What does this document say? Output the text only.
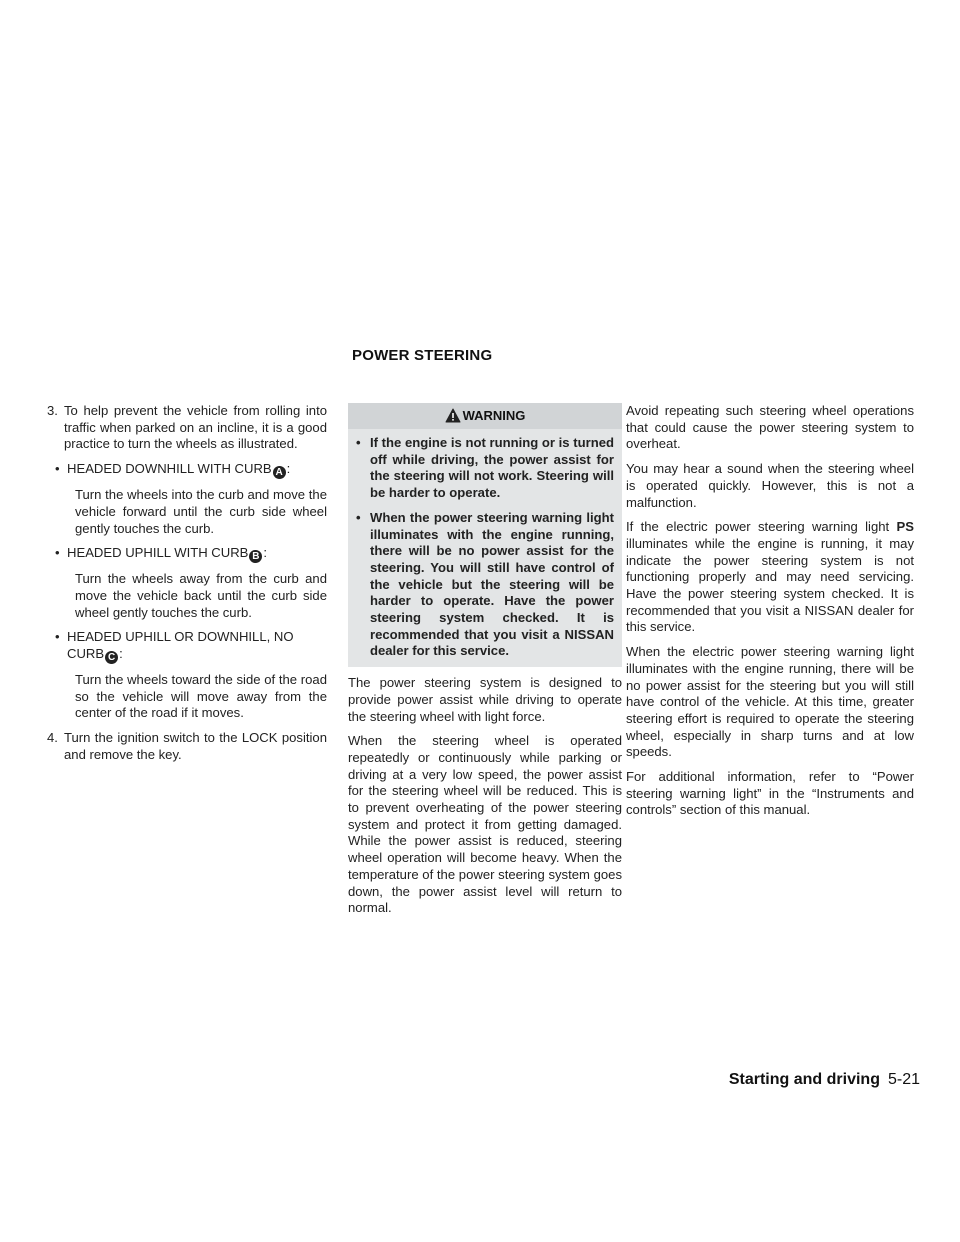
POWER STEERING
3. To help prevent the vehicle from rolling into traffic when parked on an incline, it is a good practice to turn the wheels as illustrated.
• HEADED DOWNHILL WITH CURB A :
Turn the wheels into the curb and move the vehicle forward until the curb side wheel gently touches the curb.
• HEADED UPHILL WITH CURB B :
Turn the wheels away from the curb and move the vehicle back until the curb side wheel gently touches the curb.
• HEADED UPHILL OR DOWNHILL, NO CURB C :
Turn the wheels toward the side of the road so the vehicle will move away from the center of the road if it moves.
4. Turn the ignition switch to the LOCK position and remove the key.
WARNING
• If the engine is not running or is turned off while driving, the power assist for the steering will not work. Steering will be harder to operate.
• When the power steering warning light illuminates with the engine running, there will be no power assist for the steering. You will still have control of the vehicle but the steering will be harder to operate. Have the power steering system checked. It is recommended that you visit a NISSAN dealer for this service.

The power steering system is designed to provide power assist while driving to operate the steering wheel with light force.

When the steering wheel is operated repeatedly or continuously while parking or driving at a very low speed, the power assist for the steering wheel will be reduced. This is to prevent overheating of the power steering system and protect it from getting damaged. While the power assist is reduced, steering wheel operation will become heavy. When the temperature of the power steering system goes down, the power assist level will return to normal.

Avoid repeating such steering wheel operations that could cause the power steering system to overheat.

You may hear a sound when the steering wheel is operated quickly. However, this is not a malfunction.

If the electric power steering warning light PS illuminates while the engine is running, it may indicate the power steering system is not functioning properly and may need servicing. Have the power steering system checked. It is recommended that you visit a NISSAN dealer for this service.

When the electric power steering warning light illuminates with the engine running, there will be no power assist for the steering but you will still have control of the vehicle. At this time, greater steering effort is required to operate the steering wheel, especially in sharp turns and at low speeds.

For additional information, refer to “Power steering warning light” in the “Instruments and controls” section of this manual.

Starting and driving 5-21
